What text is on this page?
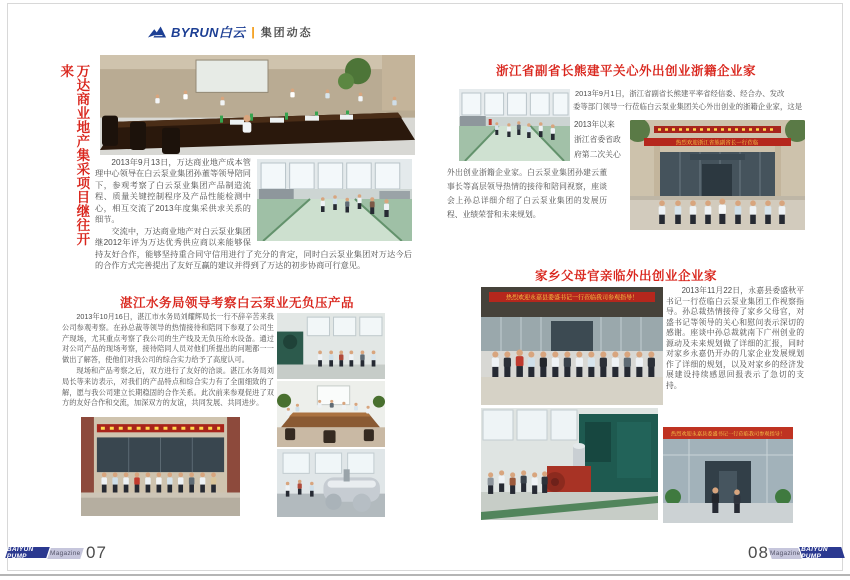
BYRUN白云 | 集团动态
万达商业地产集采项目继往开来

2013年9月13日，万达商业地产成本管理中心领导在白云泵业集团孙董等领导陪同下，参观考察了白云泵业集团产品制造流程、质量关键控制程序及产品性能检测中心，相互交流了2013年度集采供求关系的细节。

交流中，万达商业地产对白云泵业集团继2012年评为万达优秀供应商以来能够保持友好合作，能够坚持重合同守信用进行了充分的肯定，同时白云泵业集团对万达今后的合作方式完善提出了友好互赢的建议并得到了万达的初步协商可行意见。

湛江水务局领导考察白云泵业无负压产品

2013年10月16日，湛江市水务局刘耀辉局长一行不辞辛苦来我公司参观考察。在孙总裁等领导的热情接待和陪同下参观了公司生产现场，尤其重点考察了我公司的生产线及无负压给水设备。通过对公司产品的现场考察，接待陪同人员对他们所提出的问题都一一做出了解答，使他们对我公司的综合实力给予了高度认可。

现场和产品考察之后，双方进行了友好的洽谈。湛江水务局刘局长等来访表示，对我们的产品特点和综合实力有了全面细致的了解，愿与我公司建立长期稳固的合作关系。此次前来参观促进了双方的友好合作和交流，加深双方的友谊，共同发展、共同进步。

BAIYUN PUMP	Magazine 07
浙江省副省长熊建平关心外出创业浙籍企业家
2013年9月1日，浙江省副省长熊建平率省经信委、经合办、发改
委等部门领导一行莅临白云泵业集团关心外出创业的浙籍企业家，这是
2013年以来
浙江省委省政
府第二次关心
外出创业浙籍企业家。白云泵业集团孙建云董事长等高层领导热情的接待和陪同视察，座谈会上孙总详细介绍了白云泵业集团的发展历程、业绩荣誉和未来规划。
热烈欢迎浙江省熊副省长一行莅临
家乡父母官亲临外出创业企业家

2013年11月22日，永嘉县委盛秋平书记一行莅临白云泵业集团工作视察指导。孙总裁热情接待了家乡父母官，对盛书记等领导的关心和慰问表示深切的感谢。座谈中孙总裁就南下广州创业的源动及未来规划做了详细的汇报，同时对家乡永嘉仍开办的几家企业发展规划作了详细的规划，以及对家乡的经济发展建设持续感恩回报表示了急切的支持。

热烈欢迎永嘉县委盛书记一行莅临我司参观指导！
热烈欢迎永嘉县委盛书记一行莅临我司参观指导！
08 Magazine
BAIYUN PUMP
